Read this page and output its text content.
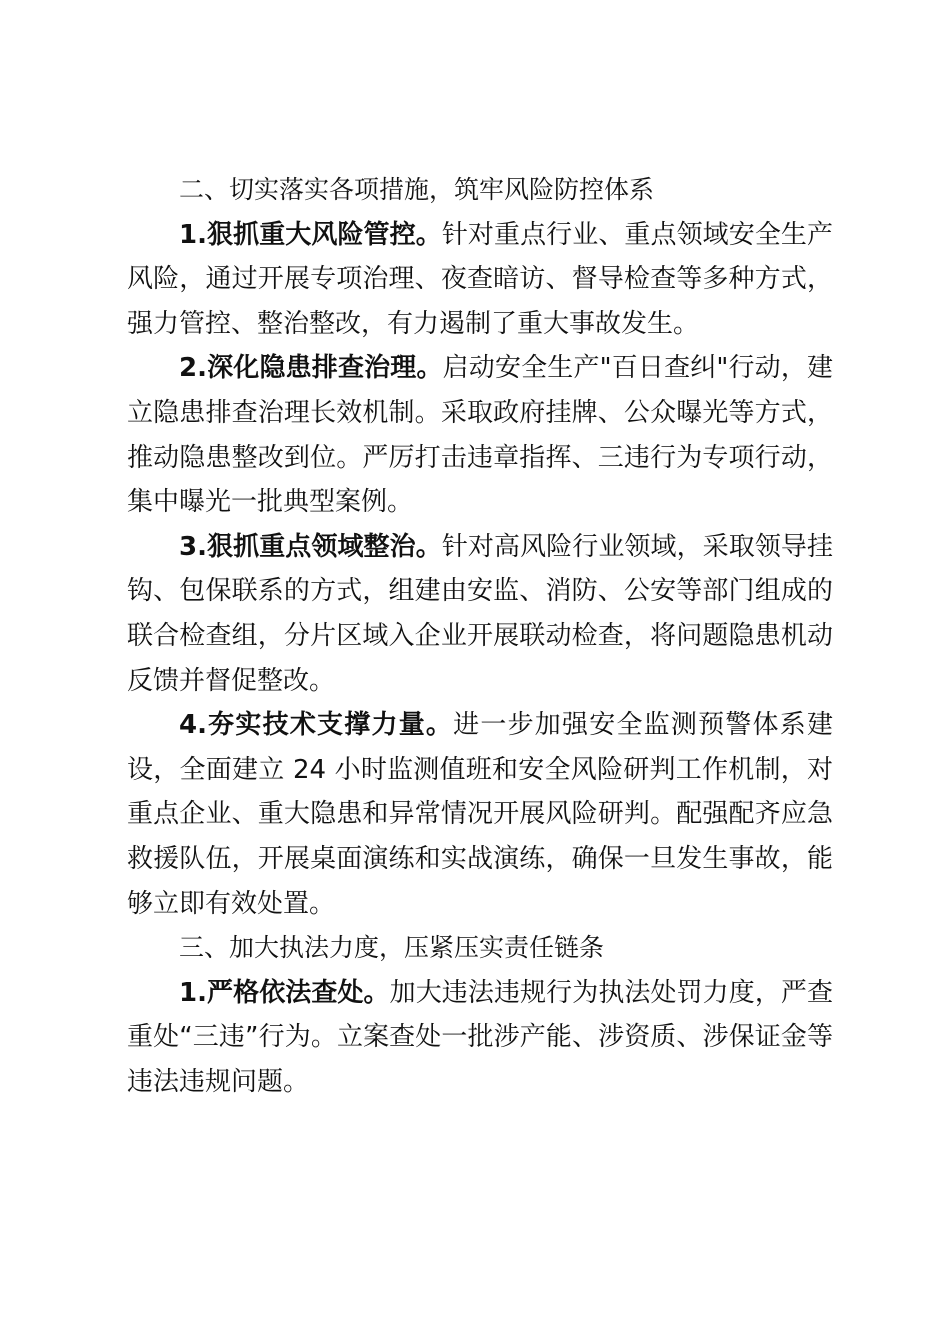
二、切实落实各项措施，筑牢风险防控体系

1.狠抓重大风险管控。针对重点行业、重点领域安全生产风险，通过开展专项治理、夜查暗访、督导检查等多种方式，强力管控、整治整改，有力遏制了重大事故发生。

2.深化隐患排查治理。启动安全生产"百日查纠"行动，建立隐患排查治理长效机制。采取政府挂牌、公众曝光等方式，推动隐患整改到位。严厉打击违章指挥、三违行为专项行动，集中曝光一批典型案例。

3.狠抓重点领域整治。针对高风险行业领域，采取领导挂钩、包保联系的方式，组建由安监、消防、公安等部门组成的联合检查组，分片区域入企业开展联动检查，将问题隐患机动反馈并督促整改。

4.夯实技术支撑力量。进一步加强安全监测预警体系建设，全面建立 24 小时监测值班和安全风险研判工作机制，对重点企业、重大隐患和异常情况开展风险研判。配强配齐应急救援队伍，开展桌面演练和实战演练，确保一旦发生事故，能够立即有效处置。

三、加大执法力度，压紧压实责任链条

1.严格依法查处。加大违法违规行为执法处罚力度，严查重处“三违”行为。立案查处一批涉产能、涉资质、涉保证金等违法违规问题。
